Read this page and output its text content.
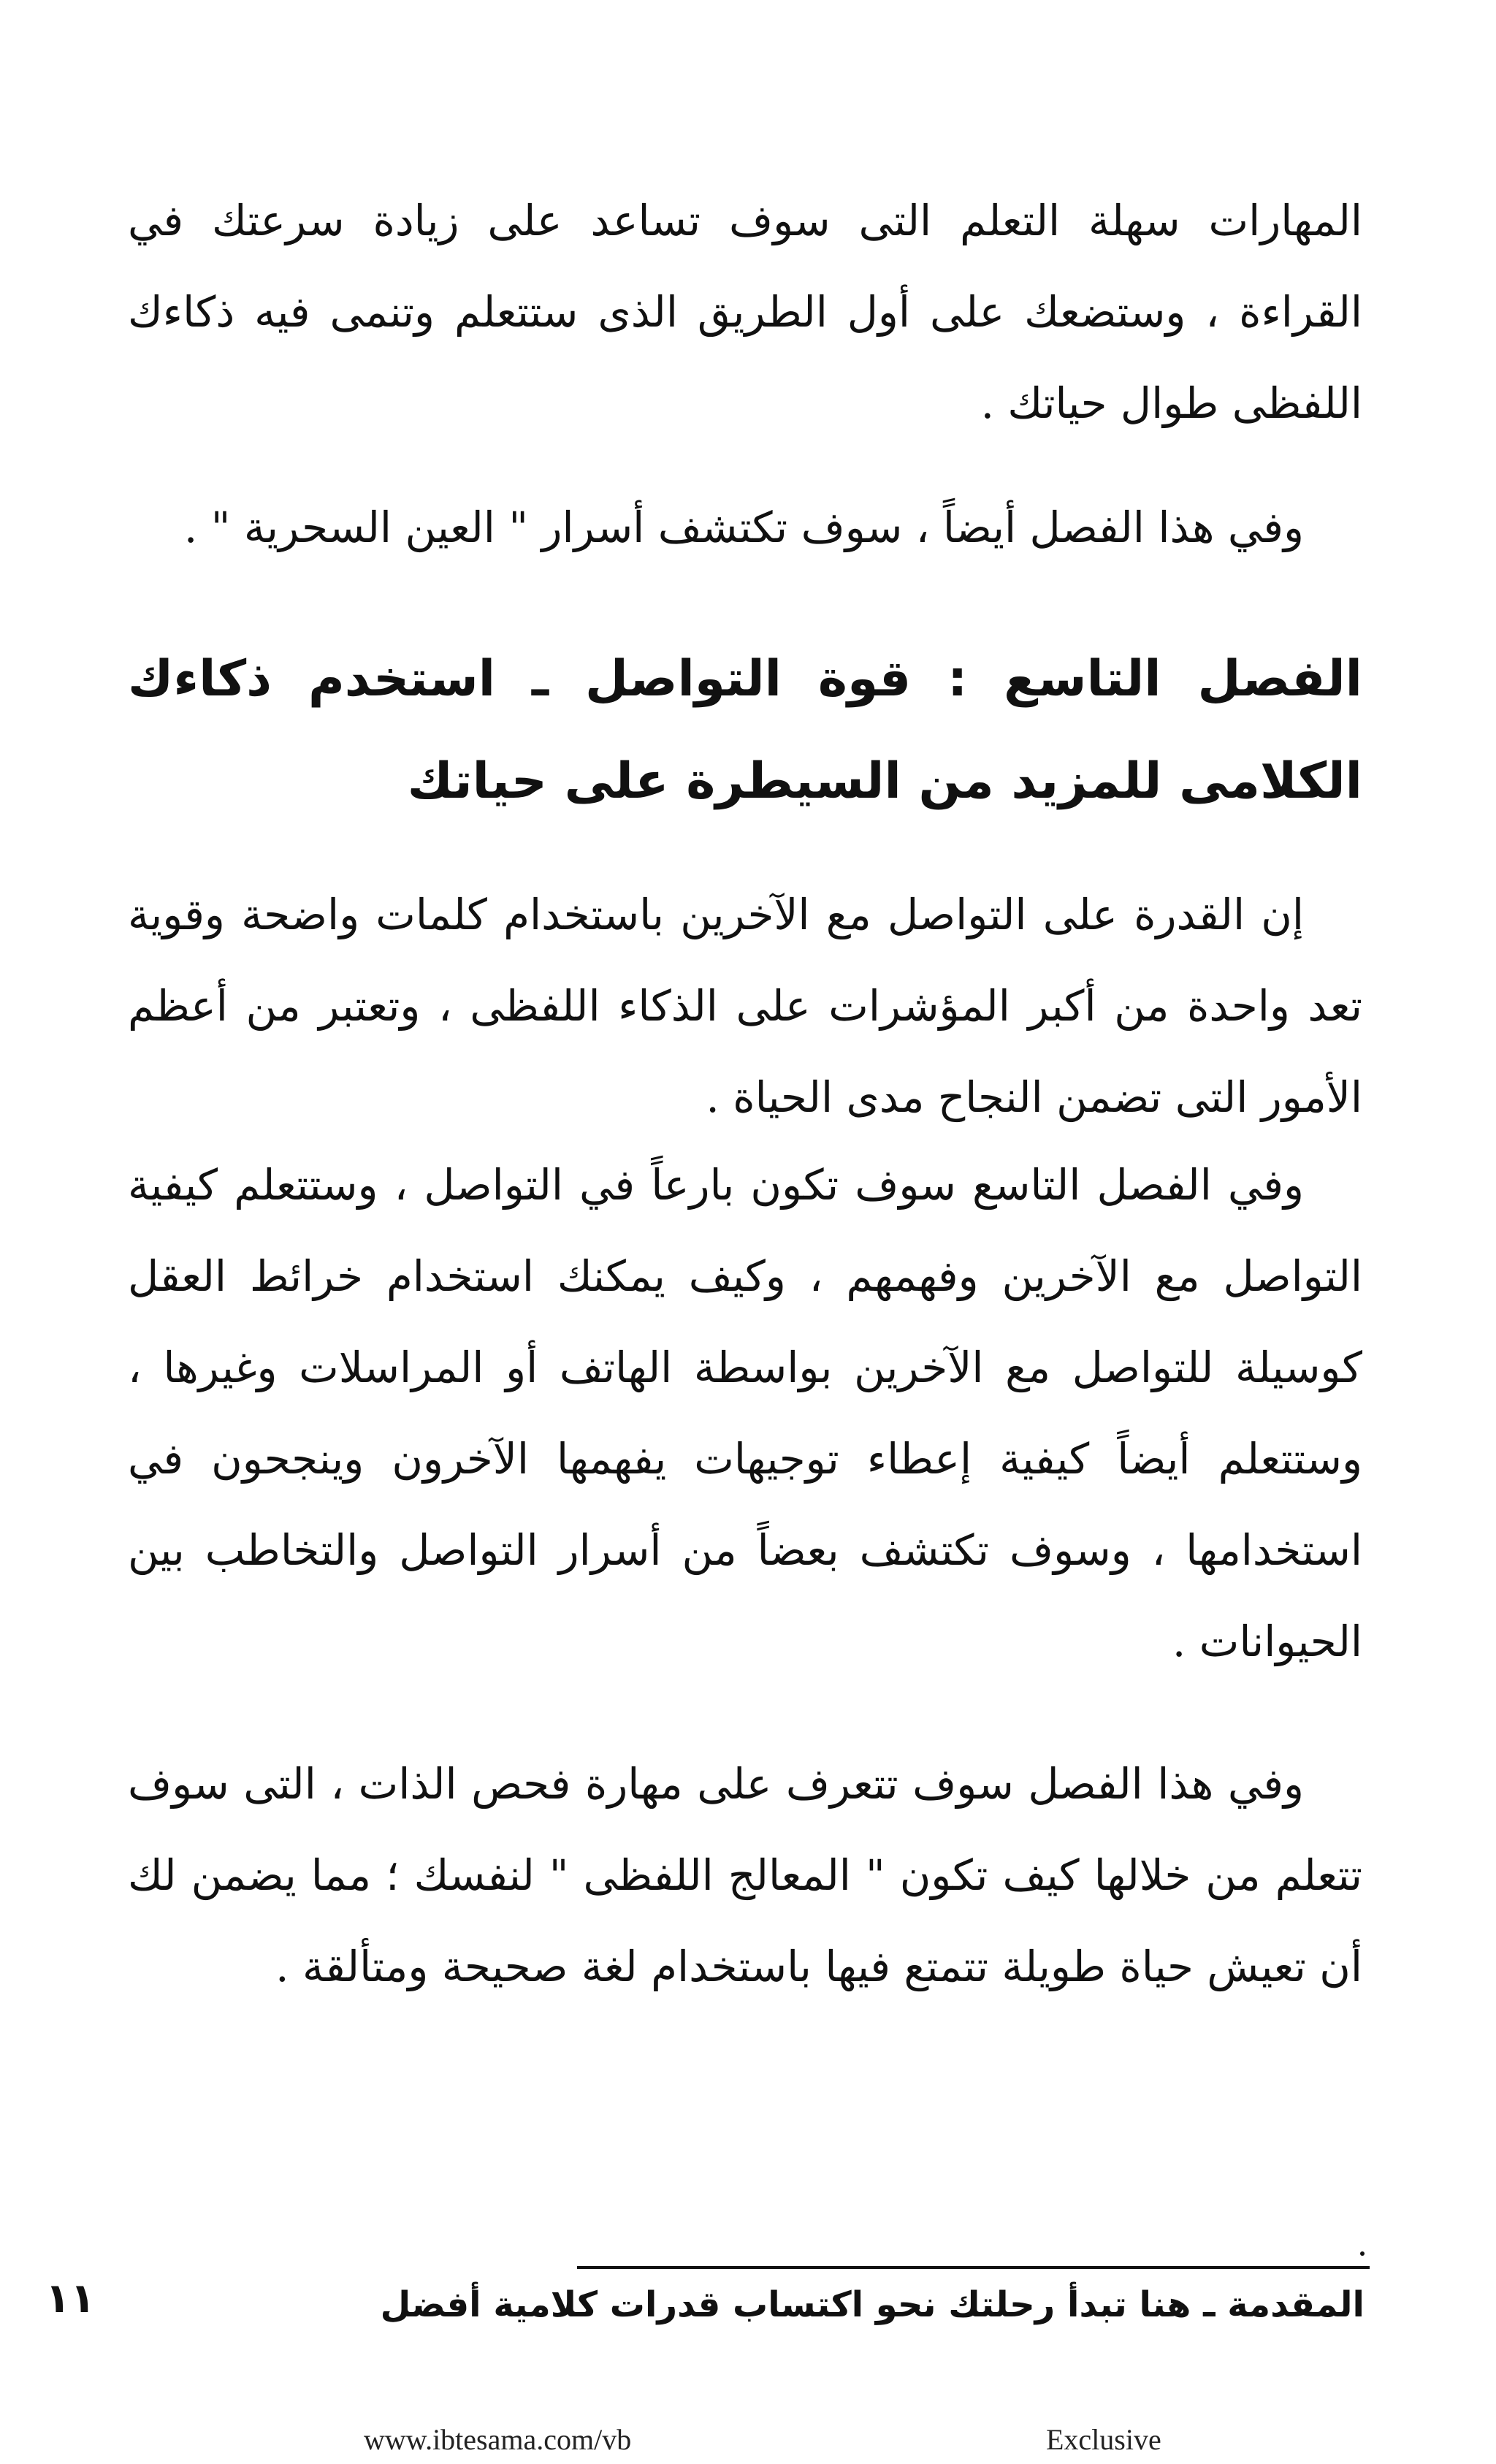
المهارات سهلة التعلم التى سوف تساعد على زيادة سرعتك في القراءة ، وستضعك على أول الطريق الذى ستتعلم وتنمى فيه ذكاءك اللفظى طوال حياتك .

وفي هذا الفصل أيضاً ، سوف تكتشف أسرار " العين السحرية " .

الفصل التاسع : قوة التواصل ـ استخدم ذكاءك الكلامى للمزيد من السيطرة على حياتك

إن القدرة على التواصل مع الآخرين باستخدام كلمات واضحة وقوية تعد واحدة من أكبر المؤشرات على الذكاء اللفظى ، وتعتبر من أعظم الأمور التى تضمن النجاح مدى الحياة .

وفي الفصل التاسع سوف تكون بارعاً في التواصل ، وستتعلم كيفية التواصل مع الآخرين وفهمهم ، وكيف يمكنك استخدام خرائط العقل كوسيلة للتواصل مع الآخرين بواسطة الهاتف أو المراسلات وغيرها ، وستتعلم أيضاً كيفية إعطاء توجيهات يفهمها الآخرون وينجحون في استخدامها ، وسوف تكتشف بعضاً من أسرار التواصل والتخاطب بين الحيوانات .

وفي هذا الفصل سوف تتعرف على مهارة فحص الذات ، التى سوف تتعلم من خلالها كيف تكون " المعالج اللفظى " لنفسك ؛ مما يضمن لك أن تعيش حياة طويلة تتمتع فيها باستخدام لغة صحيحة ومتألقة .

المقدمة ـ هنا تبدأ رحلتك نحو اكتساب قدرات كلامية أفضل
١١
www.ibtesama.com/vb	Exclusive
